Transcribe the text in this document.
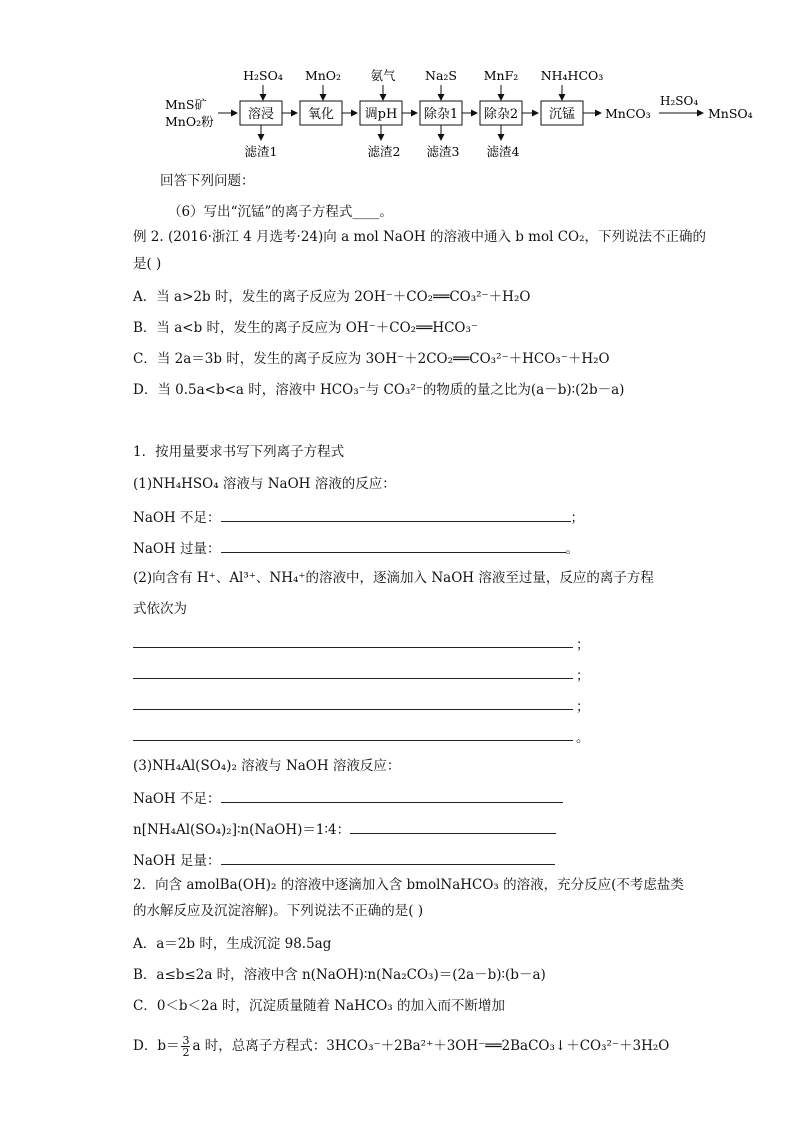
H₂SO₄ MnO₂ 氨气 Na₂S MnF₂ NH₄HCO₃
MnS矿
MnO₂粉	溶浸	氧化 调pH 除杂1 除杂2 沉锰 MnCO₃
H₂SO₄
MnSO₄
滤渣1	滤渣2 滤渣3 滤渣4
回答下列问题：
（6）写出“沉锰”的离子方程式____。
例 2. (2016·浙江 4 月选考·24)向 a mol NaOH 的溶液中通入 b mol CO₂，下列说法不正确的
是( )
A．当 a>2b 时，发生的离子反应为 2OH⁻＋CO₂══CO₃²⁻＋H₂O
B．当 a<b 时，发生的离子反应为 OH⁻＋CO₂══HCO₃⁻
C．当 2a＝3b 时，发生的离子反应为 3OH⁻＋2CO₂══CO₃²⁻＋HCO₃⁻＋H₂O
D．当 0.5a<b<a 时，溶液中 HCO₃⁻与 CO₃²⁻的物质的量之比为(a－b)∶(2b－a)
1．按用量要求书写下列离子方程式
(1)NH₄HSO₄ 溶液与 NaOH 溶液的反应：
NaOH 不足：	；
NaOH 过量：	。
(2)向含有 H⁺、Al³⁺、NH₄⁺的溶液中，逐滴加入 NaOH 溶液至过量，反应的离子方程
式依次为
；
；
；
。
(3)NH₄Al(SO₄)₂ 溶液与 NaOH 溶液反应：
NaOH 不足：
n[NH₄Al(SO₄)₂]∶n(NaOH)＝1∶4：
NaOH 足量：
2．向含 amolBa(OH)₂ 的溶液中逐滴加入含 bmolNaHCO₃ 的溶液，充分反应(不考虑盐类
的水解反应及沉淀溶解)。下列说法不正确的是( )
A．a＝2b 时，生成沉淀 98.5ag
B．a≤b≤2a 时，溶液中含 n(NaOH)∶n(Na₂CO₃)＝(2a－b)∶(b－a)
C．0＜b＜2a 时，沉淀质量随着 NaHCO₃ 的加入而不断增加
D．$b= \frac{3}{2}$ a 时，总离子方程式：3HCO₃⁻＋2Ba²⁺＋3OH⁻══2BaCO₃↓＋CO₃²⁻＋3H₂O
